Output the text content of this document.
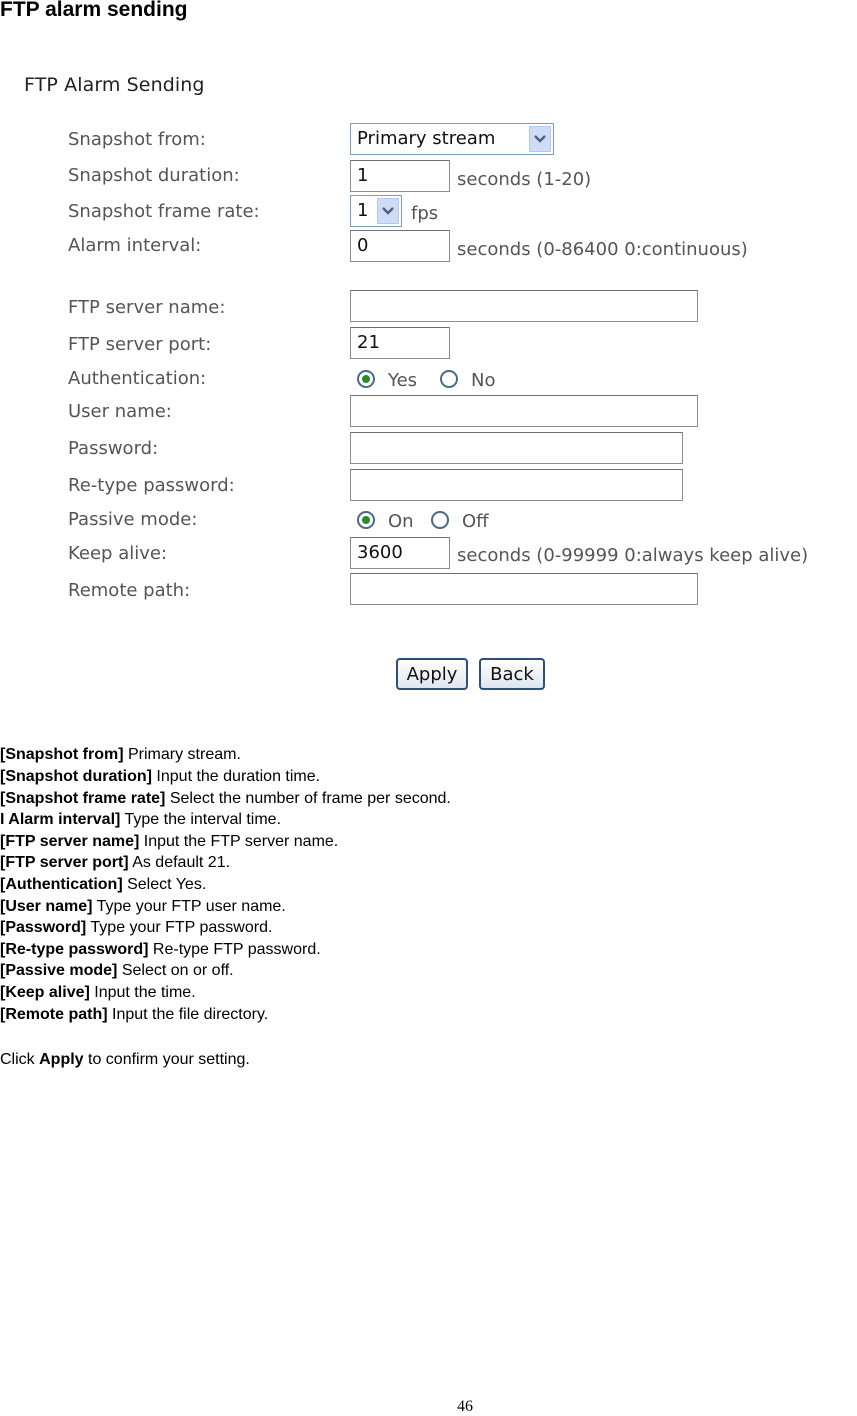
FTP alarm sending
FTP Alarm Sending
Snapshot from:	Primary stream
Snapshot duration:	1	seconds (1-20)
Snapshot frame rate:	1	fps
Alarm interval:	0	seconds (0-86400 0:continuous)
FTP server name:
FTP server port:	21
Authentication:	Yes	No
User name:
Password:
Re-type password:
Passive mode:	On	Off
Keep alive:	3600	seconds (0-99999 0:always keep alive)
Remote path:
Apply	Back
[Snapshot from] Primary stream.
[Snapshot duration] Input the duration time.
[Snapshot frame rate] Select the number of frame per second.
I Alarm interval] Type the interval time.
[FTP server name] Input the FTP server name.
[FTP server port] As default 21.
[Authentication] Select Yes.
[User name] Type your FTP user name.
[Password] Type your FTP password.
[Re-type password] Re-type FTP password.
[Passive mode] Select on or off.
[Keep alive] Input the time.
[Remote path] Input the file directory.
Click Apply to confirm your setting.
46
